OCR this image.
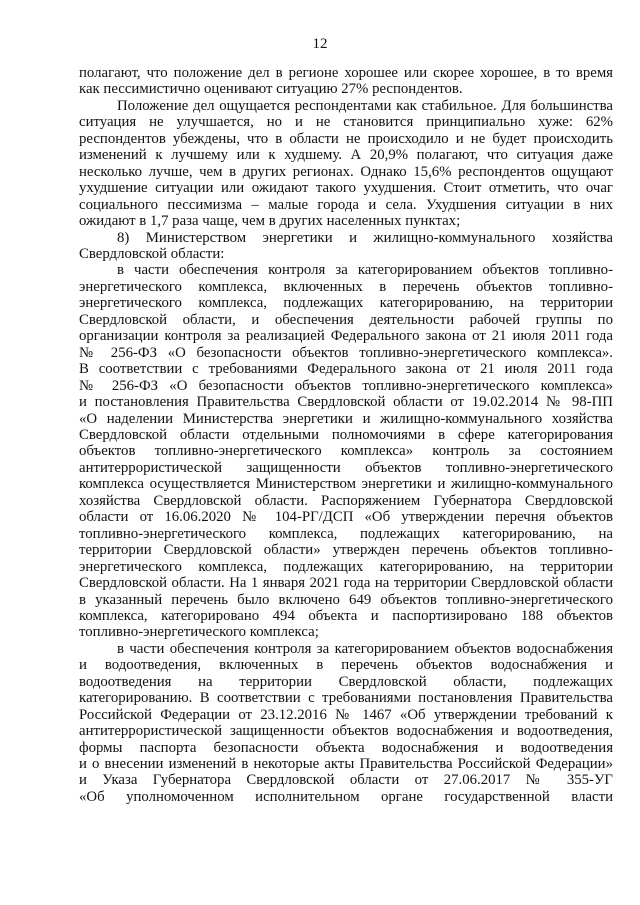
12
полагают, что положение дел в регионе хорошее или скорее хорошее, в то время
как пессимистично оценивают ситуацию 27% респондентов.
Положение дел ощущается респондентами как стабильное. Для большинства
ситуация не улучшается, но и не становится принципиально хуже: 62%
респондентов убеждены, что в области не происходило и не будет происходить
изменений к лучшему или к худшему. А 20,9% полагают, что ситуация даже
несколько лучше, чем в других регионах. Однако 15,6% респондентов ощущают
ухудшение ситуации или ожидают такого ухудшения. Стоит отметить, что очаг
социального пессимизма – малые города и села. Ухудшения ситуации в них
ожидают в 1,7 раза чаще, чем в других населенных пунктах;
8) Министерством энергетики и жилищно-коммунального хозяйства
Свердловской области:
в части обеспечения контроля за категорированием объектов топливно-
энергетического комплекса, включенных в перечень объектов топливно-
энергетического комплекса, подлежащих категорированию, на территории
Свердловской области, и обеспечения деятельности рабочей группы по
организации контроля за реализацией Федерального закона от 21 июля 2011 года
№ 256-ФЗ «О безопасности объектов топливно-энергетического комплекса».
В соответствии с требованиями Федерального закона от 21 июля 2011 года
№ 256-ФЗ «О безопасности объектов топливно-энергетического комплекса»
и постановления Правительства Свердловской области от 19.02.2014 № 98-ПП
«О наделении Министерства энергетики и жилищно-коммунального хозяйства
Свердловской области отдельными полномочиями в сфере категорирования
объектов топливно-энергетического комплекса» контроль за состоянием
антитеррористической защищенности объектов топливно-энергетического
комплекса осуществляется Министерством энергетики и жилищно-коммунального
хозяйства Свердловской области. Распоряжением Губернатора Свердловской
области от 16.06.2020 № 104-РГ/ДСП «Об утверждении перечня объектов
топливно-энергетического комплекса, подлежащих категорированию, на
территории Свердловской области» утвержден перечень объектов топливно-
энергетического комплекса, подлежащих категорированию, на территории
Свердловской области. На 1 января 2021 года на территории Свердловской области
в указанный перечень было включено 649 объектов топливно-энергетического
комплекса, категорировано 494 объекта и паспортизировано 188 объектов
топливно-энергетического комплекса;
в части обеспечения контроля за категорированием объектов водоснабжения
и водоотведения, включенных в перечень объектов водоснабжения и
водоотведения на территории Свердловской области, подлежащих
категорированию. В соответствии с требованиями постановления Правительства
Российской Федерации от 23.12.2016 № 1467 «Об утверждении требований к
антитеррористической защищенности объектов водоснабжения и водоотведения,
формы паспорта безопасности объекта водоснабжения и водоотведения
и о внесении изменений в некоторые акты Правительства Российской Федерации»
и Указа Губернатора Свердловской области от 27.06.2017 № 355-УГ
«Об уполномоченном исполнительном органе государственной власти
